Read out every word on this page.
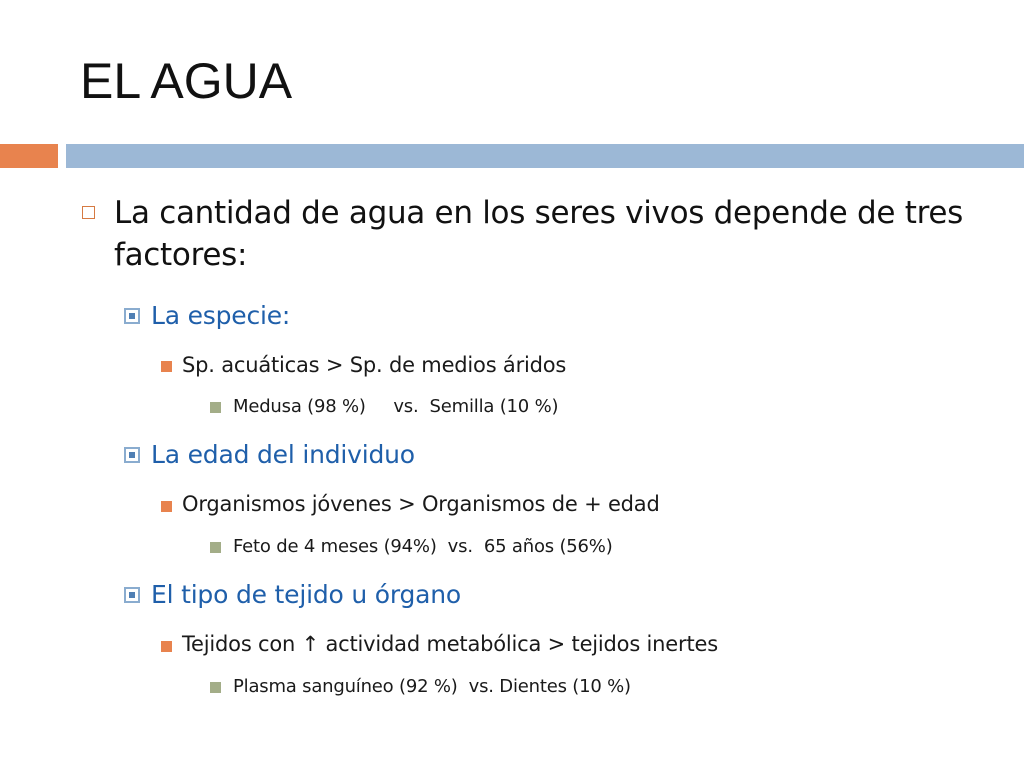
EL AGUA
La cantidad de agua en los seres vivos depende de tres factores:
La especie:
Sp. acuáticas > Sp. de medios áridos
Medusa (98 %)     vs.  Semilla (10 %)
La edad del individuo
Organismos jóvenes > Organismos de + edad
Feto de 4 meses (94%)  vs.  65 años (56%)
El tipo de tejido u órgano
Tejidos con ↑ actividad metabólica > tejidos inertes
Plasma sanguíneo (92 %)  vs. Dientes (10 %)
